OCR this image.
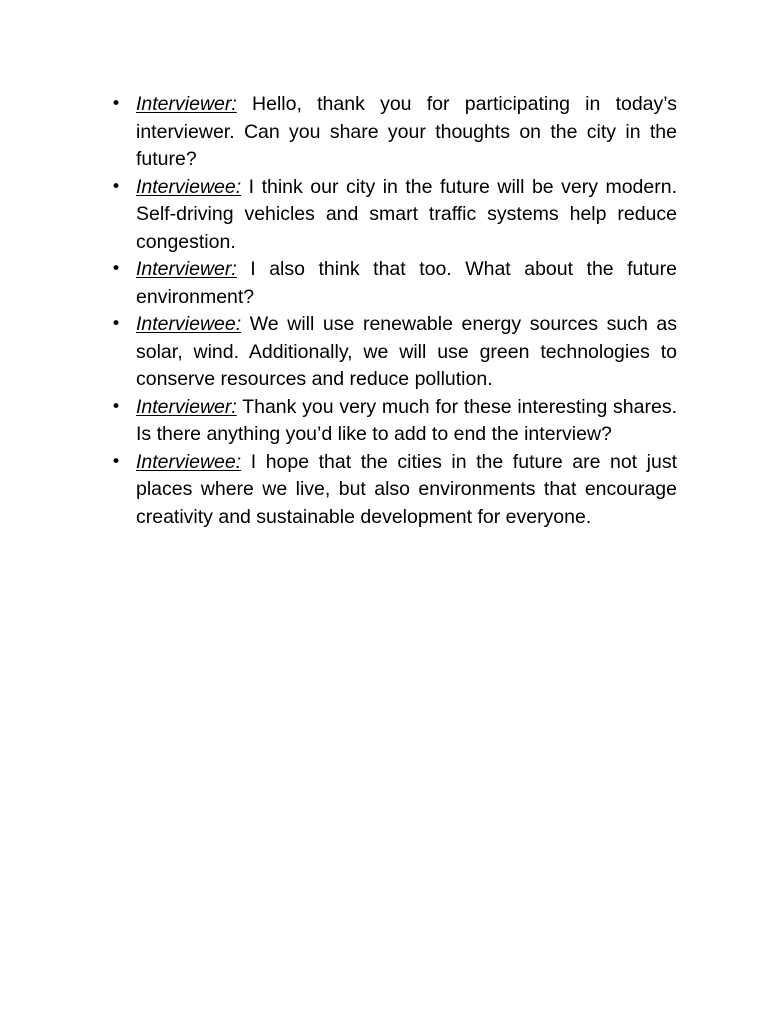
• Interviewer: Hello, thank you for participating in today’s interviewer. Can you share your thoughts on the city in the future?
• Interviewee: I think our city in the future will be very modern. Self-driving vehicles and smart traffic systems help reduce congestion.
• Interviewer: I also think that too. What about the future environment?
• Interviewee: We will use renewable energy sources such as solar, wind. Additionally, we will use green technologies to conserve resources and reduce pollution.
• Interviewer: Thank you very much for these interesting shares. Is there anything you’d like to add to end the interview?
• Interviewee: I hope that the cities in the future are not just places where we live, but also environments that encourage creativity and sustainable development for everyone.
